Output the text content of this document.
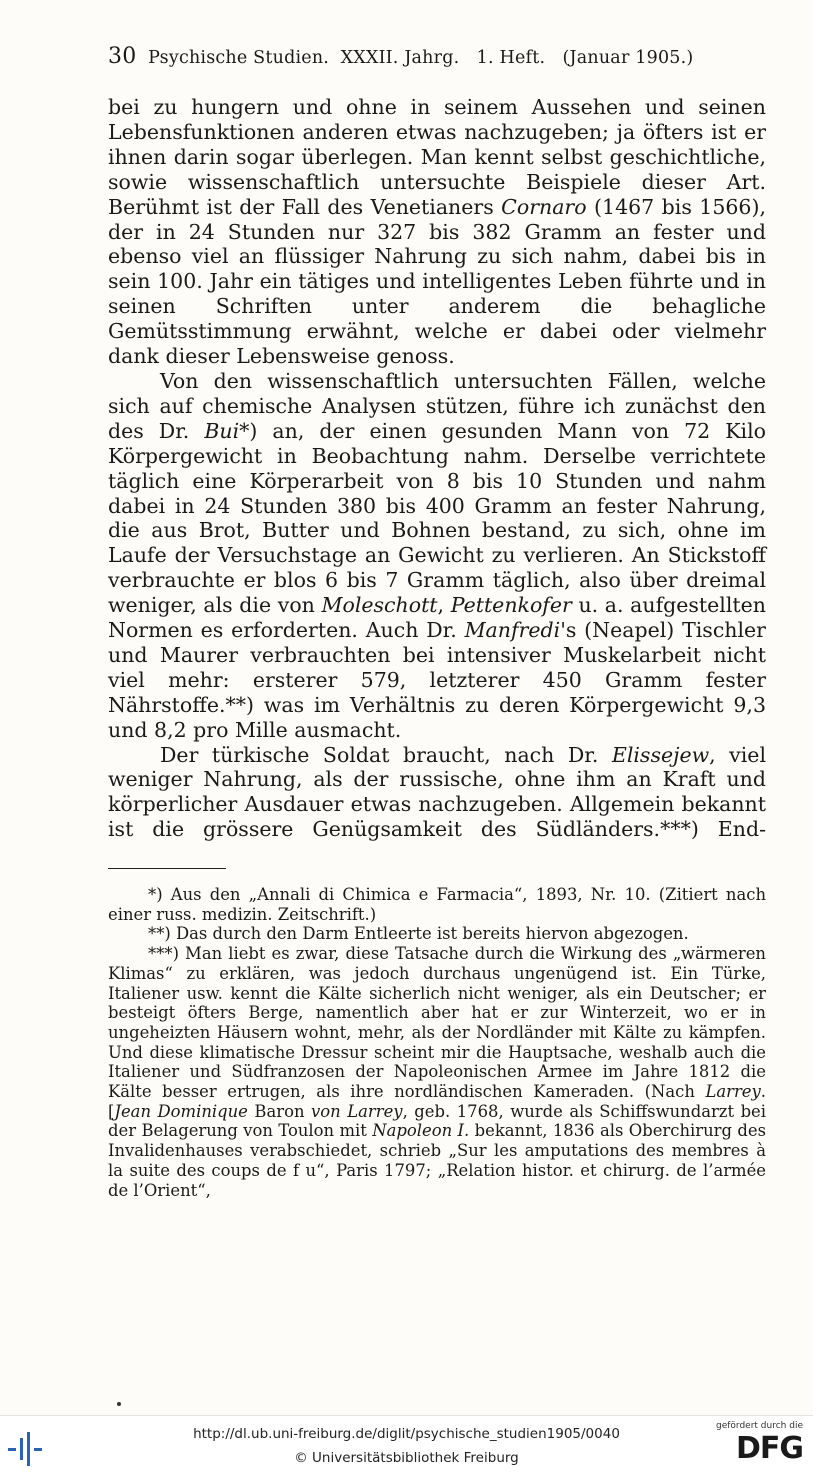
30 Psychische Studien.  XXXII. Jahrg.   1. Heft.   (Januar 1905.)

bei zu hungern und ohne in seinem Aussehen und seinen Lebensfunktionen anderen etwas nachzugeben; ja öfters ist er ihnen darin sogar überlegen. Man kennt selbst geschichtliche, sowie wissenschaftlich untersuchte Beispiele dieser Art. Berühmt ist der Fall des Venetianers Cornaro (1467 bis 1566), der in 24 Stunden nur 327 bis 382 Gramm an fester und ebenso viel an flüssiger Nahrung zu sich nahm, dabei bis in sein 100. Jahr ein tätiges und intelligentes Leben führte und in seinen Schriften unter anderem die behagliche Gemütsstimmung erwähnt, welche er dabei oder vielmehr dank dieser Lebensweise genoss.

Von den wissenschaftlich untersuchten Fällen, welche sich auf chemische Analysen stützen, führe ich zunächst den des Dr. Bui*) an, der einen gesunden Mann von 72 Kilo Körpergewicht in Beobachtung nahm. Derselbe verrichtete täglich eine Körperarbeit von 8 bis 10 Stunden und nahm dabei in 24 Stunden 380 bis 400 Gramm an fester Nahrung, die aus Brot, Butter und Bohnen bestand, zu sich, ohne im Laufe der Versuchstage an Gewicht zu verlieren. An Stickstoff verbrauchte er blos 6 bis 7 Gramm täglich, also über dreimal weniger, als die von Moleschott, Pettenkofer u. a. aufgestellten Normen es erforderten. Auch Dr. Manfredi's (Neapel) Tischler und Maurer verbrauchten bei intensiver Muskelarbeit nicht viel mehr: ersterer 579, letzterer 450 Gramm fester Nährstoffe.**) was im Verhältnis zu deren Körpergewicht 9,3 und 8,2 pro Mille ausmacht.

Der türkische Soldat braucht, nach Dr. Elissejew, viel weniger Nahrung, als der russische, ohne ihm an Kraft und körperlicher Ausdauer etwas nachzugeben. Allgemein bekannt ist die grössere Genügsamkeit des Südländers.***) End-

*) Aus den „Annali di Chimica e Farmacia“, 1893, Nr. 10. (Zitiert nach einer russ. medizin. Zeitschrift.)

**) Das durch den Darm Entleerte ist bereits hiervon abgezogen.

***) Man liebt es zwar, diese Tatsache durch die Wirkung des „wärmeren Klimas“ zu erklären, was jedoch durchaus ungenügend ist. Ein Türke, Italiener usw. kennt die Kälte sicherlich nicht weniger, als ein Deutscher; er besteigt öfters Berge, namentlich aber hat er zur Winterzeit, wo er in ungeheizten Häusern wohnt, mehr, als der Nordländer mit Kälte zu kämpfen. Und diese klimatische Dressur scheint mir die Hauptsache, weshalb auch die Italiener und Südfranzosen der Napoleonischen Armee im Jahre 1812 die Kälte besser ertrugen, als ihre nordländischen Kameraden. (Nach Larrey. [Jean Dominique Baron von Larrey, geb. 1768, wurde als Schiffswundarzt bei der Belagerung von Toulon mit Napoleon I. bekannt, 1836 als Oberchirurg des Invalidenhauses verabschiedet, schrieb „Sur les amputations des membres à la suite des coups de f u“, Paris 1797; „Relation histor. et chirurg. de l’armée de l’Orient“,

http://dl.ub.uni-freiburg.de/diglit/psychische_studien1905/0040
© Universitätsbibliothek Freiburg
gefördert durch die
DFG
